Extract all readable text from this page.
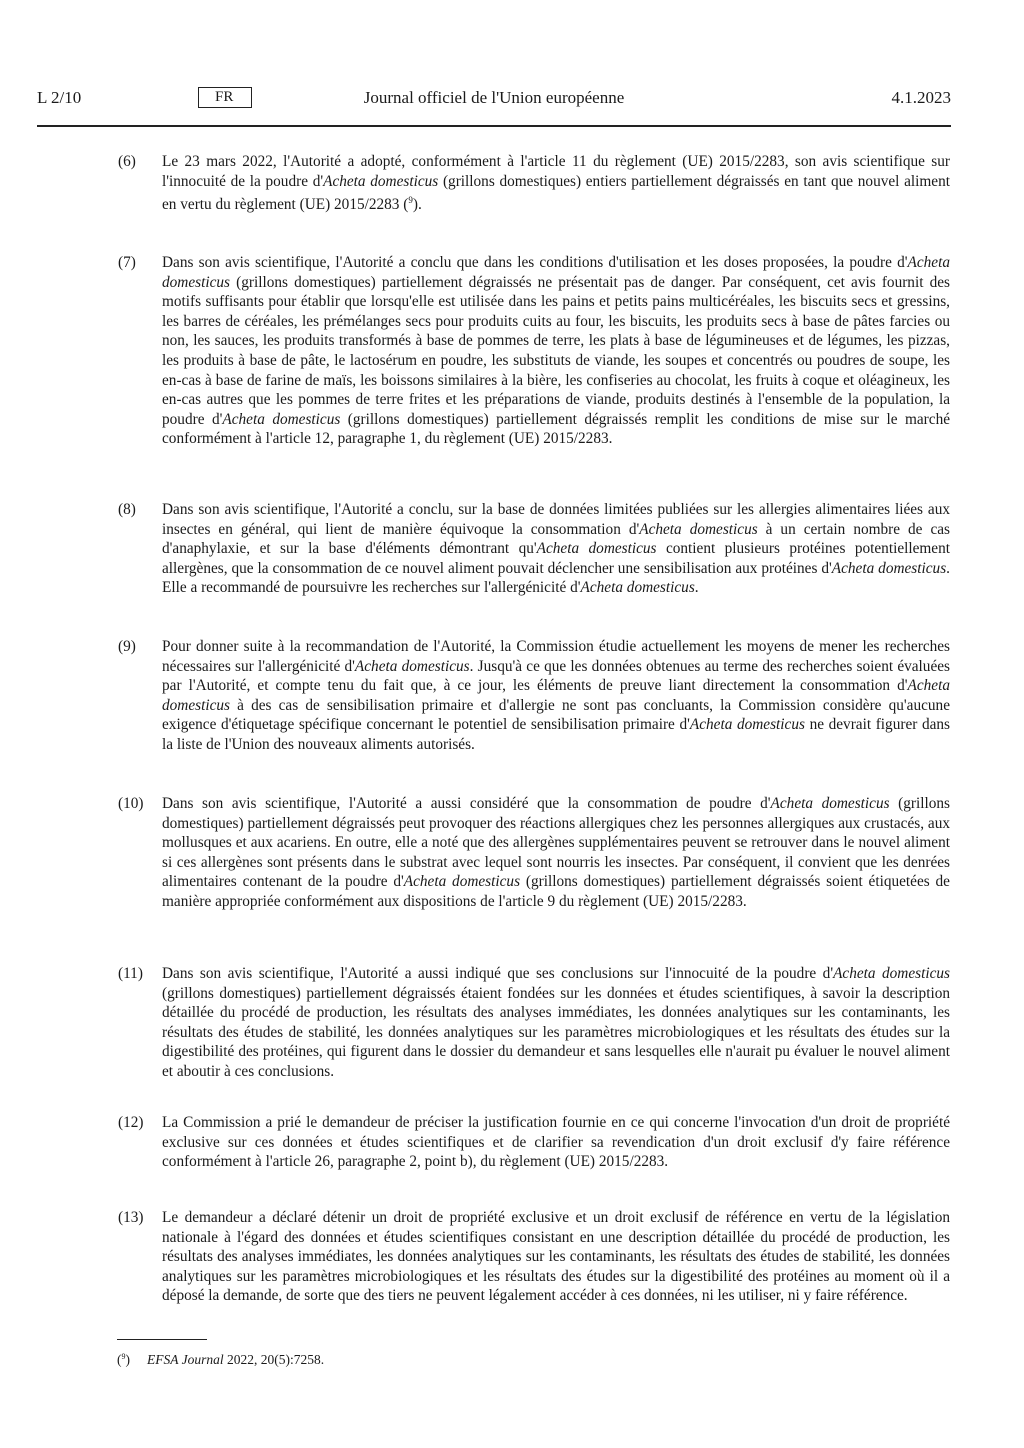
L 2/10	FR	Journal officiel de l'Union européenne	4.1.2023
(6) Le 23 mars 2022, l'Autorité a adopté, conformément à l'article 11 du règlement (UE) 2015/2283, son avis scientifique sur l'innocuité de la poudre d'Acheta domesticus (grillons domestiques) entiers partiellement dégraissés en tant que nouvel aliment en vertu du règlement (UE) 2015/2283 ($^9$).
(7) Dans son avis scientifique, l'Autorité a conclu que dans les conditions d'utilisation et les doses proposées, la poudre d'Acheta domesticus (grillons domestiques) partiellement dégraissés ne présentait pas de danger. Par conséquent, cet avis fournit des motifs suffisants pour établir que lorsqu'elle est utilisée dans les pains et petits pains multicéréales, les biscuits secs et gressins, les barres de céréales, les prémélanges secs pour produits cuits au four, les biscuits, les produits secs à base de pâtes farcies ou non, les sauces, les produits transformés à base de pommes de terre, les plats à base de légumineuses et de légumes, les pizzas, les produits à base de pâte, le lactosérum en poudre, les substituts de viande, les soupes et concentrés ou poudres de soupe, les en-cas à base de farine de maïs, les boissons similaires à la bière, les confiseries au chocolat, les fruits à coque et oléagineux, les en-cas autres que les pommes de terre frites et les préparations de viande, produits destinés à l'ensemble de la population, la poudre d'Acheta domesticus (grillons domestiques) partiellement dégraissés remplit les conditions de mise sur le marché conformément à l'article 12, paragraphe 1, du règlement (UE) 2015/2283.
(8) Dans son avis scientifique, l'Autorité a conclu, sur la base de données limitées publiées sur les allergies alimentaires liées aux insectes en général, qui lient de manière équivoque la consommation d'Acheta domesticus à un certain nombre de cas d'anaphylaxie, et sur la base d'éléments démontrant qu'Acheta domesticus contient plusieurs protéines potentiellement allergènes, que la consommation de ce nouvel aliment pouvait déclencher une sensibilisation aux protéines d'Acheta domesticus. Elle a recommandé de poursuivre les recherches sur l'allergénicité d'Acheta domesticus.
(9) Pour donner suite à la recommandation de l'Autorité, la Commission étudie actuellement les moyens de mener les recherches nécessaires sur l'allergénicité d'Acheta domesticus. Jusqu'à ce que les données obtenues au terme des recherches soient évaluées par l'Autorité, et compte tenu du fait que, à ce jour, les éléments de preuve liant directement la consommation d'Acheta domesticus à des cas de sensibilisation primaire et d'allergie ne sont pas concluants, la Commission considère qu'aucune exigence d'étiquetage spécifique concernant le potentiel de sensibilisation primaire d'Acheta domesticus ne devrait figurer dans la liste de l'Union des nouveaux aliments autorisés.
(10) Dans son avis scientifique, l'Autorité a aussi considéré que la consommation de poudre d'Acheta domesticus (grillons domestiques) partiellement dégraissés peut provoquer des réactions allergiques chez les personnes allergiques aux crustacés, aux mollusques et aux acariens. En outre, elle a noté que des allergènes supplémentaires peuvent se retrouver dans le nouvel aliment si ces allergènes sont présents dans le substrat avec lequel sont nourris les insectes. Par conséquent, il convient que les denrées alimentaires contenant de la poudre d'Acheta domesticus (grillons domestiques) partiellement dégraissés soient étiquetées de manière appropriée conformément aux dispositions de l'article 9 du règlement (UE) 2015/2283.
(11) Dans son avis scientifique, l'Autorité a aussi indiqué que ses conclusions sur l'innocuité de la poudre d'Acheta domesticus (grillons domestiques) partiellement dégraissés étaient fondées sur les données et études scientifiques, à savoir la description détaillée du procédé de production, les résultats des analyses immédiates, les données analytiques sur les contaminants, les résultats des études de stabilité, les données analytiques sur les paramètres microbiologiques et les résultats des études sur la digestibilité des protéines, qui figurent dans le dossier du demandeur et sans lesquelles elle n'aurait pu évaluer le nouvel aliment et aboutir à ces conclusions.
(12) La Commission a prié le demandeur de préciser la justification fournie en ce qui concerne l'invocation d'un droit de propriété exclusive sur ces données et études scientifiques et de clarifier sa revendication d'un droit exclusif d'y faire référence conformément à l'article 26, paragraphe 2, point b), du règlement (UE) 2015/2283.
(13) Le demandeur a déclaré détenir un droit de propriété exclusive et un droit exclusif de référence en vertu de la législation nationale à l'égard des données et études scientifiques consistant en une description détaillée du procédé de production, les résultats des analyses immédiates, les données analytiques sur les contaminants, les résultats des études de stabilité, les données analytiques sur les paramètres microbiologiques et les résultats des études sur la digestibilité des protéines au moment où il a déposé la demande, de sorte que des tiers ne peuvent légalement accéder à ces données, ni les utiliser, ni y faire référence.
($^9$) EFSA Journal 2022, 20(5):7258.
